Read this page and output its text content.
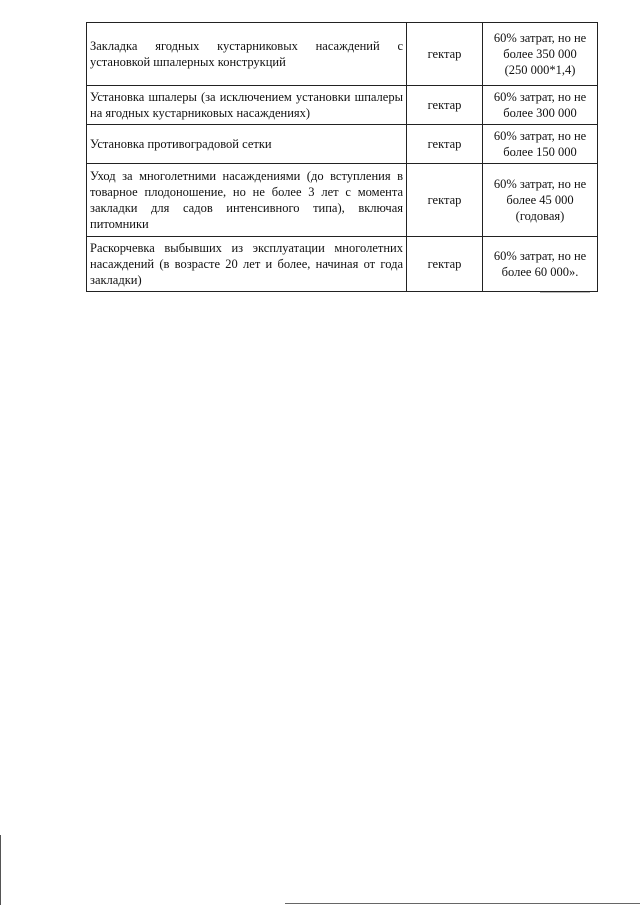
Закладка ягодных кустарниковых насаждений с установкой шпалерных конструкций	гектар	60% затрат, но не
более 350 000
(250 000*1,4)

Установка шпалеры (за исключением установки шпалеры на ягодных кустарниковых насаждениях)	гектар	60% затрат, но не
более 300 000

Установка противоградовой сетки	гектар	60% затрат, но не
более 150 000

Уход за многолетними насаждениями (до вступления в товарное плодоношение, но не более 3 лет с момента закладки для садов интенсивного типа), включая питомники	гектар	60% затрат, но не
более 45 000
(годовая)

Раскорчевка выбывших из эксплуатации многолетних насаждений (в возрасте 20 лет и более, начиная от года закладки)	гектар	60% затрат, но не
более 60 000».
